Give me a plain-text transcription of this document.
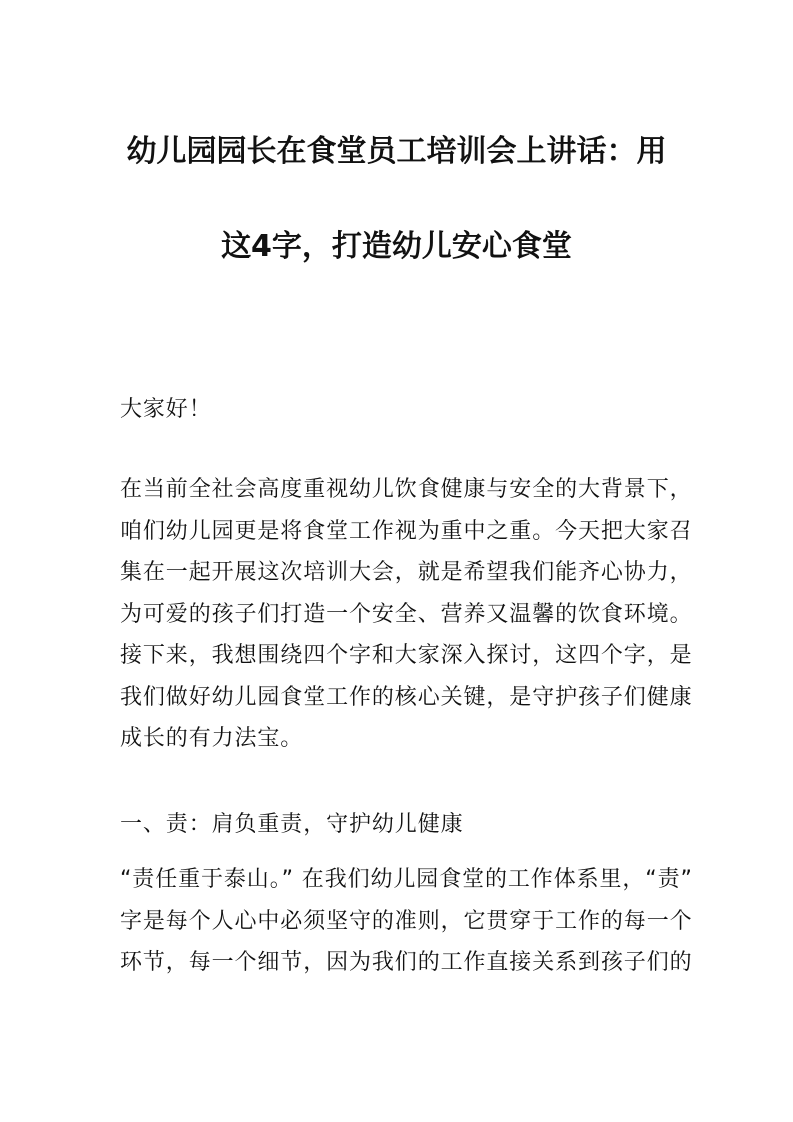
幼儿园园长在食堂员工培训会上讲话：用
这4字，打造幼儿安心食堂
大家好！
在当前全社会高度重视幼儿饮食健康与安全的大背景下，
咱们幼儿园更是将食堂工作视为重中之重。今天把大家召
集在一起开展这次培训大会，就是希望我们能齐心协力，
为可爱的孩子们打造一个安全、营养又温馨的饮食环境。
接下来，我想围绕四个字和大家深入探讨，这四个字，是
我们做好幼儿园食堂工作的核心关键，是守护孩子们健康
成长的有力法宝。
一、责：肩负重责，守护幼儿健康
“责任重于泰山。” 在我们幼儿园食堂的工作体系里，“责”
字是每个人心中必须坚守的准则，它贯穿于工作的每一个
环节，每一个细节，因为我们的工作直接关系到孩子们的
